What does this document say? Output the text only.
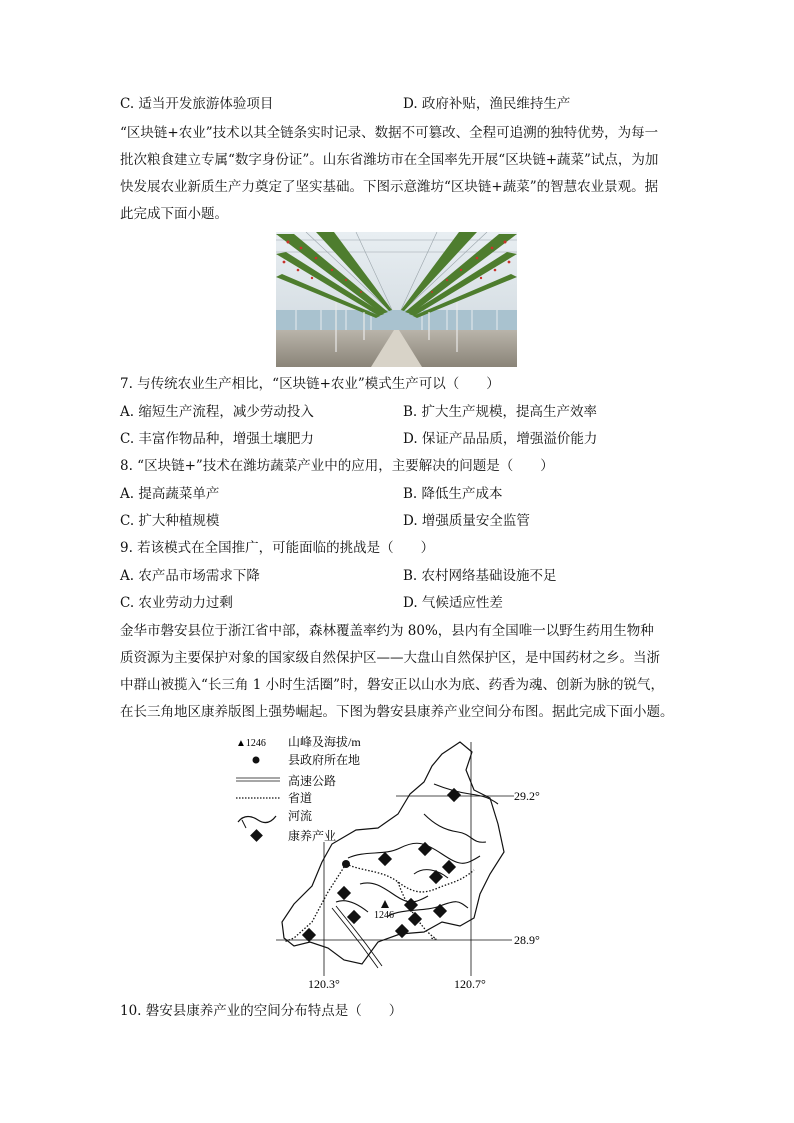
C. 适当开发旅游体验项目	D. 政府补贴，渔民维持生产
“区块链+农业”技术以其全链条实时记录、数据不可篡改、全程可追溯的独特优势，为每一
批次粮食建立专属“数字身份证”。山东省潍坊市在全国率先开展“区块链+蔬菜”试点，为加
快发展农业新质生产力奠定了坚实基础。下图示意潍坊“区块链+蔬菜”的智慧农业景观。据
此完成下面小题。
7. 与传统农业生产相比，“区块链+农业”模式生产可以（　　）
A. 缩短生产流程，减少劳动投入	B. 扩大生产规模，提高生产效率
C. 丰富作物品种，增强土壤肥力	D. 保证产品品质，增强溢价能力
8. “区块链+”技术在潍坊蔬菜产业中的应用，主要解决的问题是（　　）
A. 提高蔬菜单产	B. 降低生产成本
C. 扩大种植规模	D. 增强质量安全监管
9. 若该模式在全国推广，可能面临的挑战是（　　）
A. 农产品市场需求下降	B. 农村网络基础设施不足
C. 农业劳动力过剩	D. 气候适应性差
金华市磐安县位于浙江省中部，森林覆盖率约为 80%，县内有全国唯一以野生药用生物种
质资源为主要保护对象的国家级自然保护区——大盘山自然保护区，是中国药材之乡。当浙
中群山被揽入“长三角 1 小时生活圈”时，磐安正以山水为底、药香为魂、创新为脉的锐气，
在长三角地区康养版图上强势崛起。下图为磐安县康养产业空间分布图。据此完成下面小题。
▲1246 山峰及海拔/m
县政府所在地
高速公路
省道
河流
康养产业
29.2°
28.9°
120.3°	120.7°
1246
10. 磐安县康养产业的空间分布特点是（　　）
